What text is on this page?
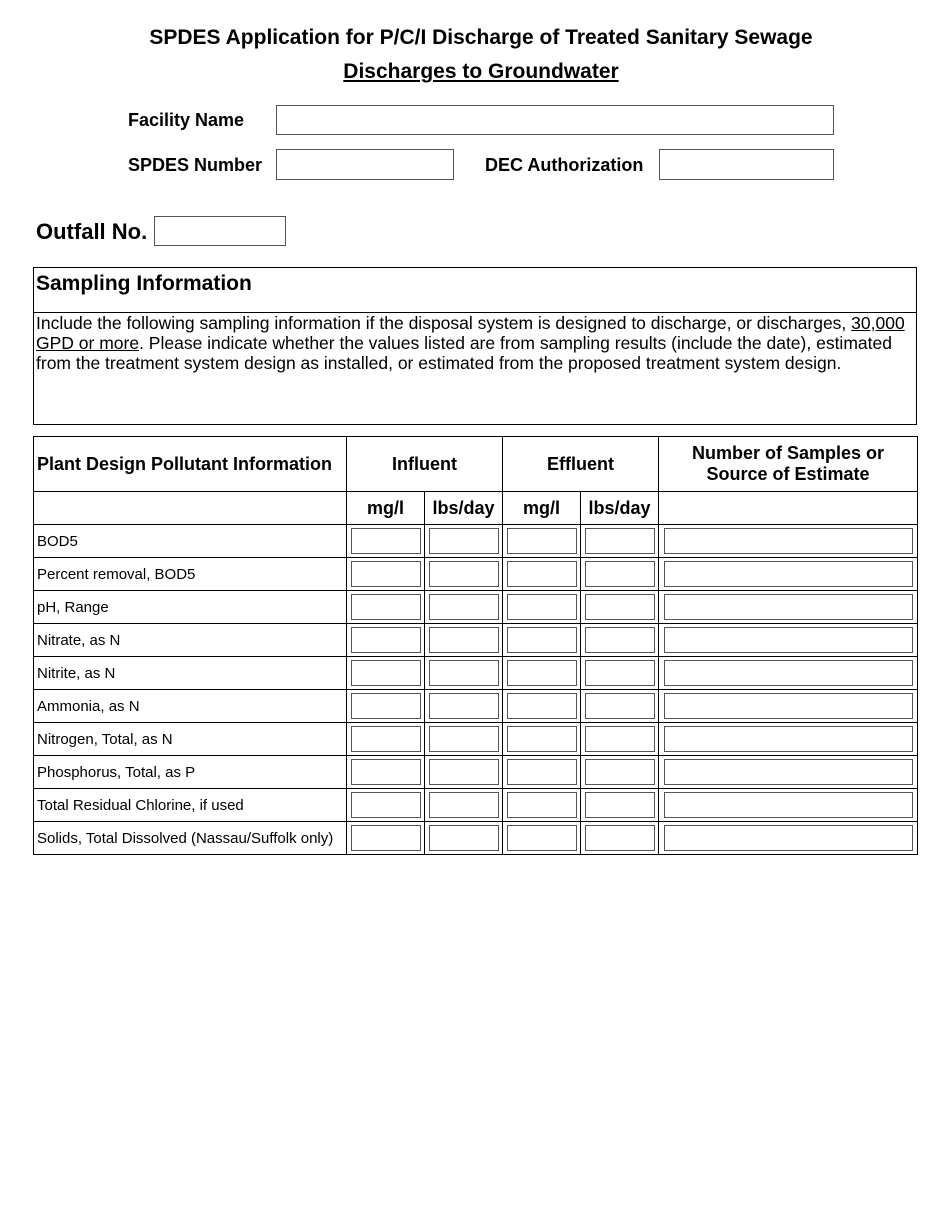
SPDES Application for P/C/I Discharge of Treated Sanitary Sewage
Discharges to Groundwater
Facility Name
SPDES Number	DEC Authorization
Outfall No.
Sampling Information
Include the following sampling information if the disposal system is designed to discharge, or discharges, 30,000 GPD or more. Please indicate whether the values listed are from sampling results (include the date), estimated from the treatment system design as installed, or estimated from the proposed treatment system design.
Plant Design Pollutant Information	Influent		Effluent		Number of Samples or
Source of Estimate

	mg/l	lbs/day	mg/l	lbs/day	
BOD5					
Percent removal, BOD5					
pH, Range					
Nitrate, as N					
Nitrite, as N					
Ammonia, as N					
Nitrogen, Total, as N					
Phosphorus, Total, as P					
Total Residual Chlorine, if used					
Solids, Total Dissolved (Nassau/Suffolk only)					
